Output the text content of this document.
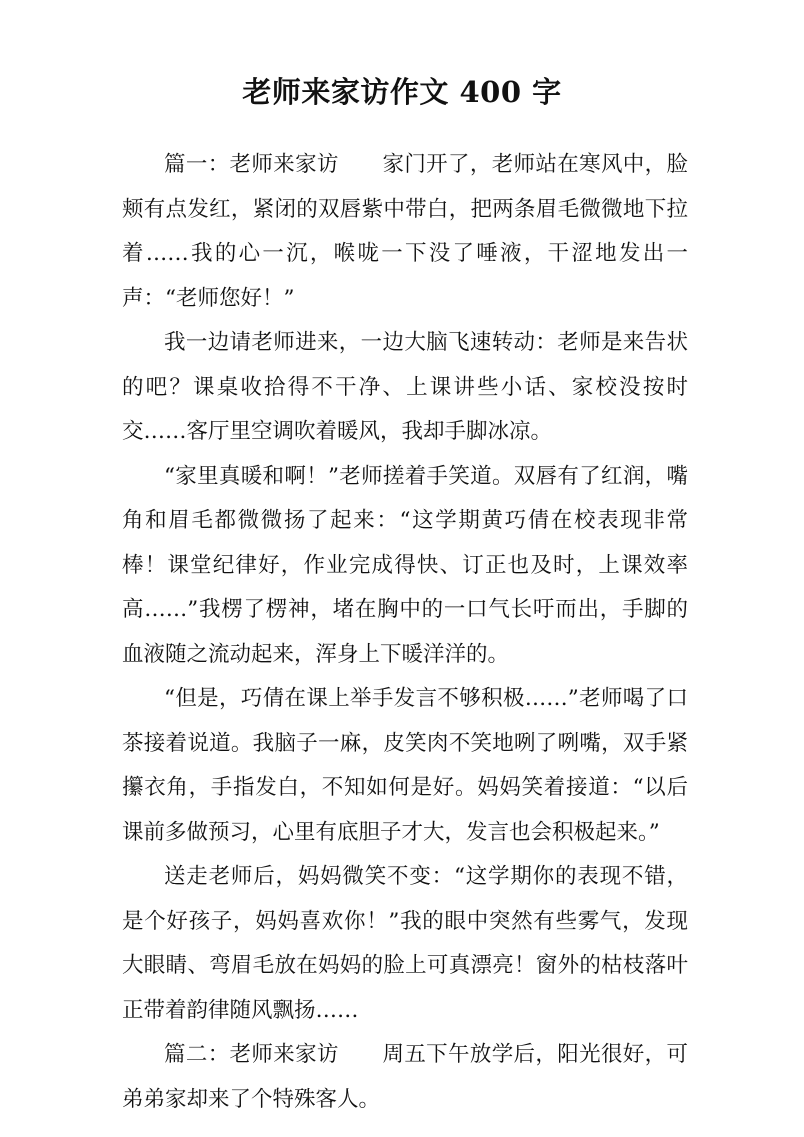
老师来家访作文 400 字

篇一：老师来家访　　家门开了，老师站在寒风中，脸颊有点发红，紧闭的双唇紫中带白，把两条眉毛微微地下拉着……我的心一沉，喉咙一下没了唾液，干涩地发出一声：“老师您好！”

我一边请老师进来，一边大脑飞速转动：老师是来告状的吧？课桌收拾得不干净、上课讲些小话、家校没按时交……客厅里空调吹着暖风，我却手脚冰凉。

“家里真暖和啊！”老师搓着手笑道。双唇有了红润，嘴角和眉毛都微微扬了起来：“这学期黄巧倩在校表现非常棒！课堂纪律好，作业完成得快、订正也及时，上课效率高……”我楞了楞神，堵在胸中的一口气长吁而出，手脚的血液随之流动起来，浑身上下暖洋洋的。

“但是，巧倩在课上举手发言不够积极……”老师喝了口茶接着说道。我脑子一麻，皮笑肉不笑地咧了咧嘴，双手紧攥衣角，手指发白，不知如何是好。妈妈笑着接道：“以后课前多做预习，心里有底胆子才大，发言也会积极起来。”

送走老师后，妈妈微笑不变：“这学期你的表现不错，是个好孩子，妈妈喜欢你！”我的眼中突然有些雾气，发现大眼睛、弯眉毛放在妈妈的脸上可真漂亮！窗外的枯枝落叶正带着韵律随风飘扬……

篇二：老师来家访　　周五下午放学后，阳光很好，可弟弟家却来了个特殊客人。
